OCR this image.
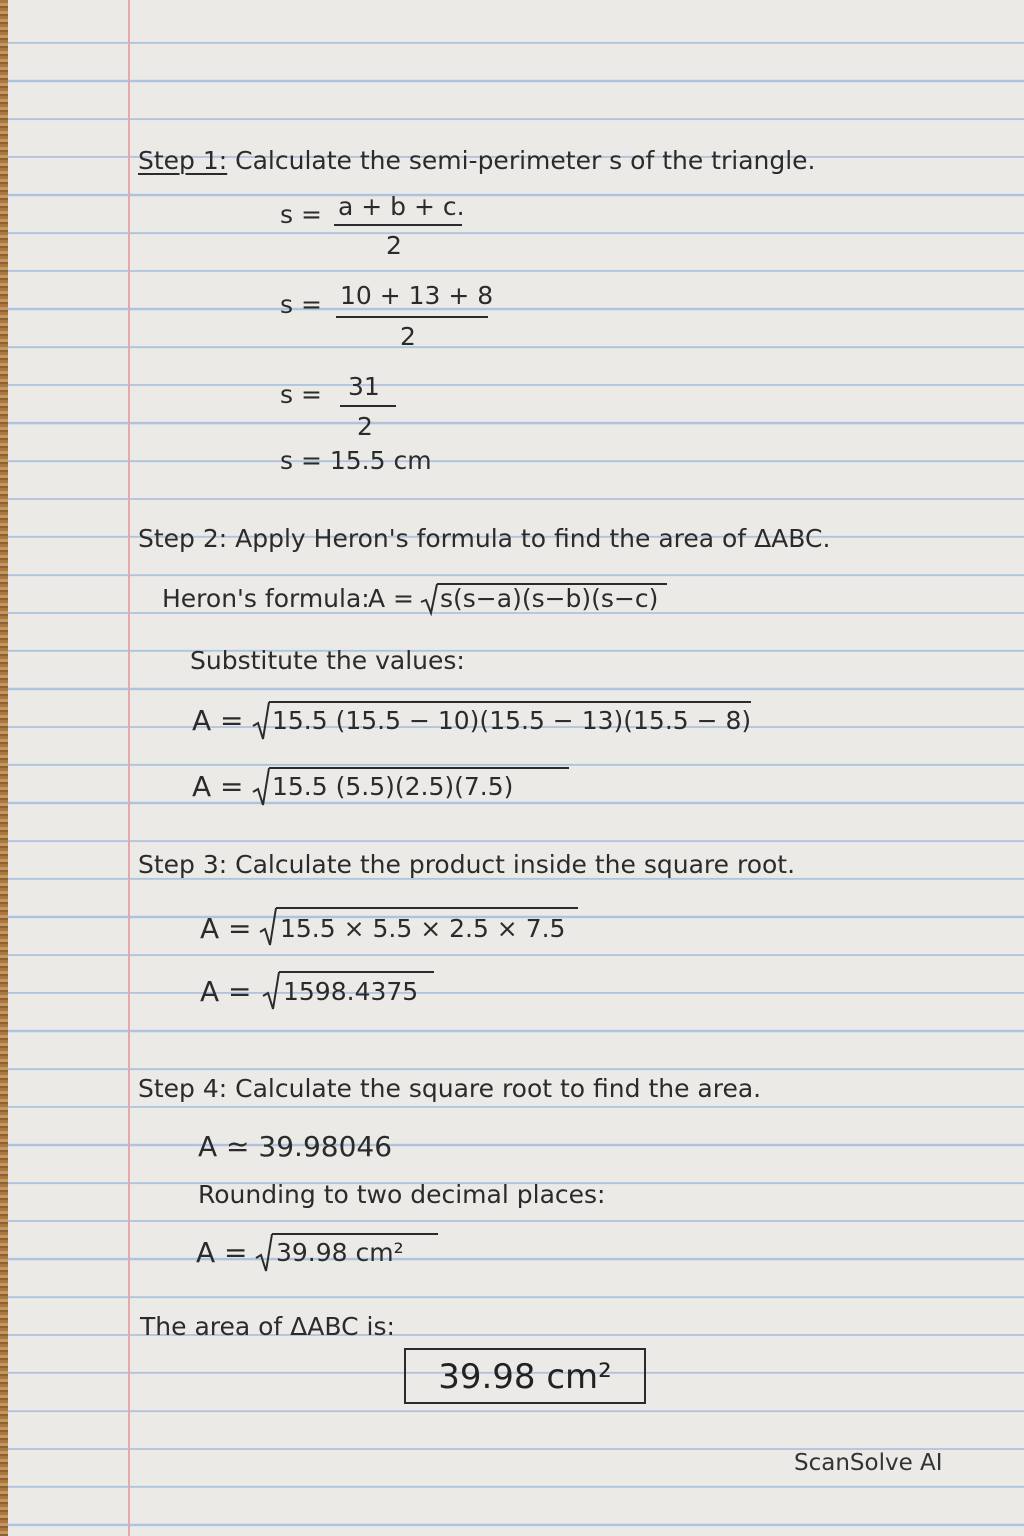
Step 1: Calculate the semi-perimeter s of the triangle.
s = a + b + c.
2
s = 10 + 13 + 8
2
s = 31
2
s = 15.5 cm
Step 2: Apply Heron's formula to find the area of ΔABC.
Heron's formula:
A = s(s−a)(s−b)(s−c)
Substitute the values:
A = 15.5 (15.5 − 10)(15.5 − 13)(15.5 − 8)
A = 15.5 (5.5)(2.5)(7.5)
Step 3: Calculate the product inside the square root.
A = 15.5 × 5.5 × 2.5 × 7.5
A = 1598.4375
Step 4: Calculate the square root to find the area.
A ≃ 39.98046
Rounding to two decimal places:
A = 39.98 cm²
The area of ΔABC is:
39.98 cm²
ScanSolve AI
